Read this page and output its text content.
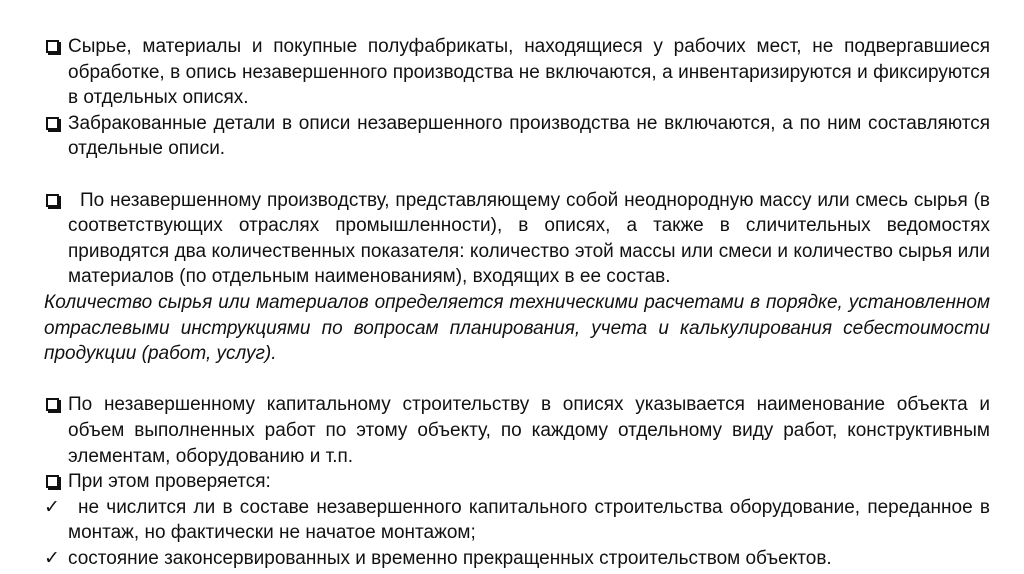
Сырье, материалы и покупные полуфабрикаты, находящиеся у рабочих мест, не подвергавшиеся обработке, в опись незавершенного производства не включаются, а инвентаризируются и фиксируются в отдельных описях.
Забракованные детали в описи незавершенного производства не включаются, а по ним составляются отдельные описи.
По незавершенному производству, представляющему собой неоднородную массу или смесь сырья (в соответствующих отраслях промышленности), в описях, а также в сличительных ведомостях приводятся два количественных показателя: количество этой массы или смеси и количество сырья или материалов (по отдельным наименованиям), входящих в ее состав.
Количество сырья или материалов определяется техническими расчетами в порядке, установленном отраслевыми инструкциями по вопросам планирования, учета и калькулирования себестоимости продукции (работ, услуг).
По незавершенному капитальному строительству в описях указывается наименование объекта и объем выполненных работ по этому объекту, по каждому отдельному виду работ, конструктивным элементам, оборудованию и т.п.
При этом проверяется:
✓ не числится ли в составе незавершенного капитального строительства оборудование, переданное в монтаж, но фактически не начатое монтажом;
✓ состояние законсервированных и временно прекращенных строительством объектов.
